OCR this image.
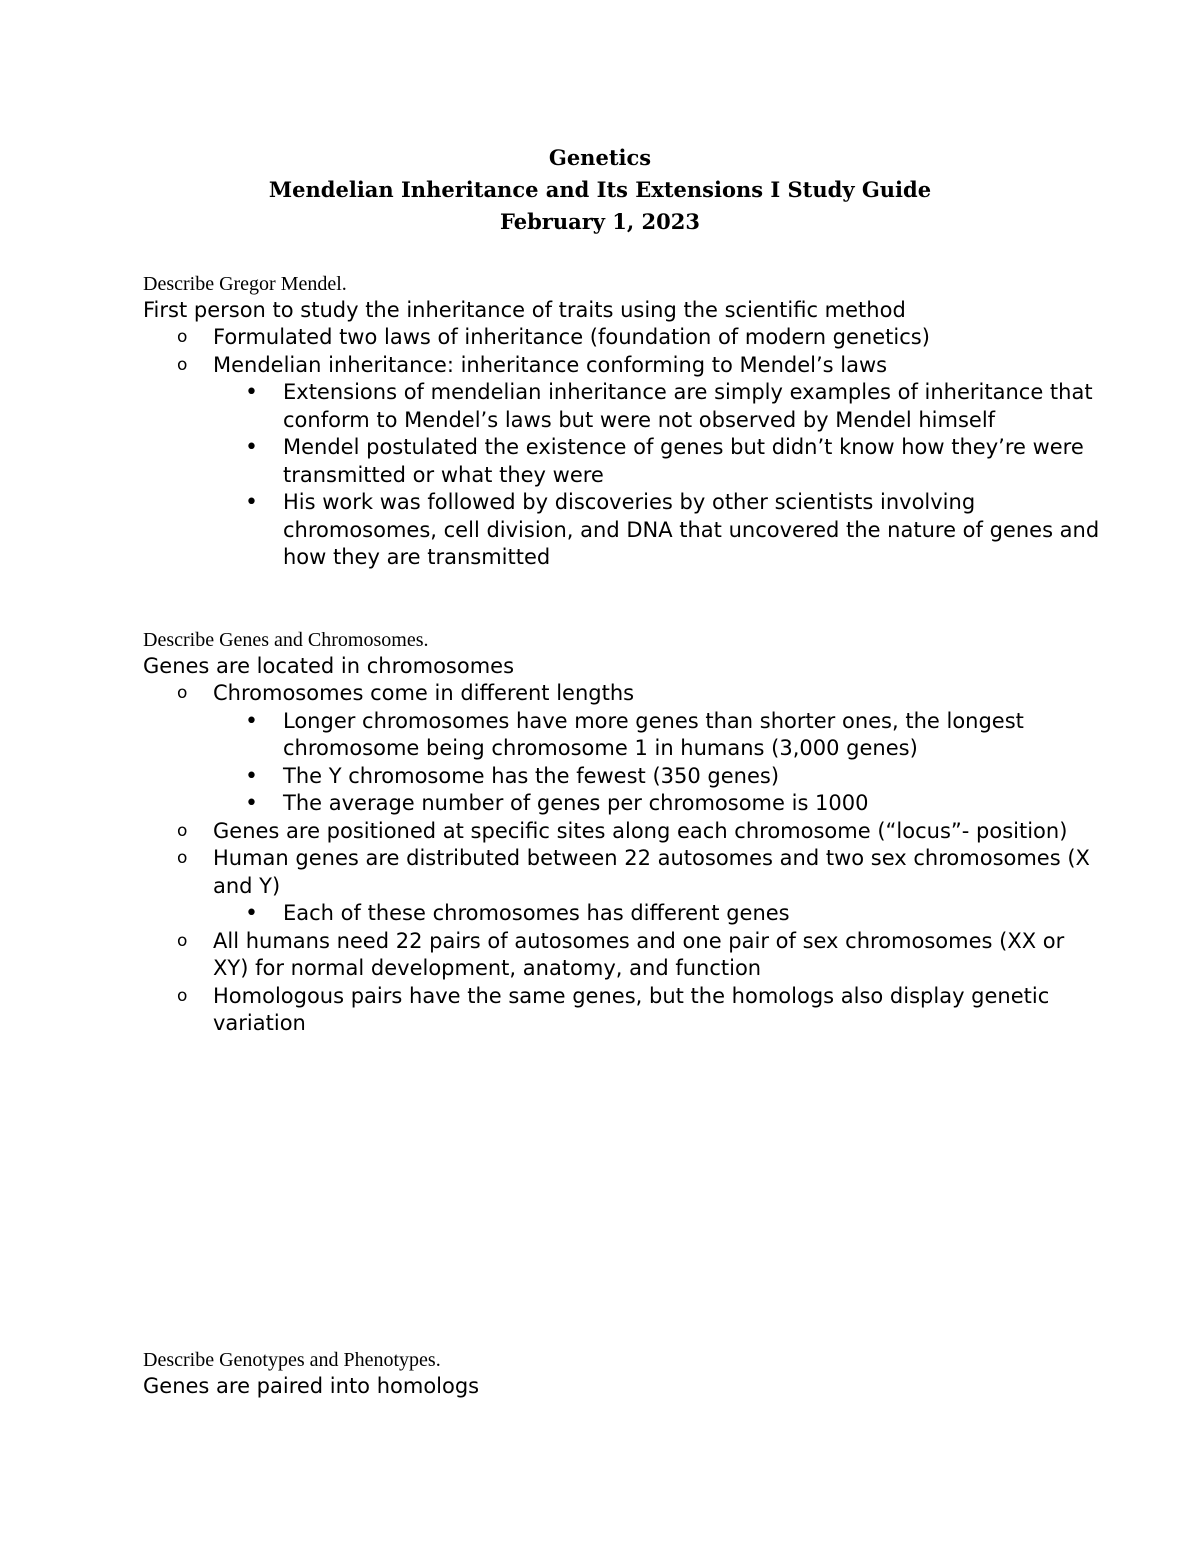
Genetics
Mendelian Inheritance and Its Extensions I Study Guide
February 1, 2023
Describe Gregor Mendel.
First person to study the inheritance of traits using the scientific method
o Formulated two laws of inheritance (foundation of modern genetics)
o Mendelian inheritance: inheritance conforming to Mendel’s laws
• Extensions of mendelian inheritance are simply examples of inheritance that conform to Mendel’s laws but were not observed by Mendel himself
• Mendel postulated the existence of genes but didn’t know how they’re were transmitted or what they were
• His work was followed by discoveries by other scientists involving chromosomes, cell division, and DNA that uncovered the nature of genes and how they are transmitted
Describe Genes and Chromosomes.
Genes are located in chromosomes
o Chromosomes come in different lengths
• Longer chromosomes have more genes than shorter ones, the longest chromosome being chromosome 1 in humans (3,000 genes)
• The Y chromosome has the fewest (350 genes)
• The average number of genes per chromosome is 1000
o Genes are positioned at specific sites along each chromosome (“locus”- position)
o Human genes are distributed between 22 autosomes and two sex chromosomes (X and Y)
• Each of these chromosomes has different genes
o All humans need 22 pairs of autosomes and one pair of sex chromosomes (XX or XY) for normal development, anatomy, and function
o Homologous pairs have the same genes, but the homologs also display genetic variation
Describe Genotypes and Phenotypes.
Genes are paired into homologs
